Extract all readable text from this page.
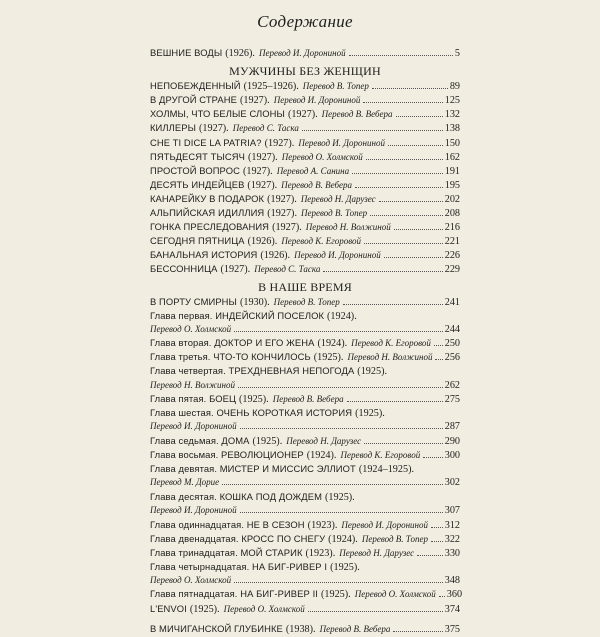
Содержание
ВЕШНИЕ ВОДЫ (1926). Перевод И. Дорониной	5
МУЖЧИНЫ БЕЗ ЖЕНЩИН
НЕПОБЕЖДЕННЫЙ (1925–1926). Перевод В. Топер	89
В ДРУГОЙ СТРАНЕ (1927). Перевод И. Дорониной	125
ХОЛМЫ, ЧТО БЕЛЫЕ СЛОНЫ (1927). Перевод В. Вебера	132
КИЛЛЕРЫ (1927). Перевод С. Таска	138
CHE TI DICE LA PATRIA? (1927). Перевод И. Дорониной	150
ПЯТЬДЕСЯТ ТЫСЯЧ (1927). Перевод О. Холмской	162
ПРОСТОЙ ВОПРОС (1927). Перевод А. Санина	191
ДЕСЯТЬ ИНДЕЙЦЕВ (1927). Перевод В. Вебера	195
КАНАРЕЙКУ В ПОДАРОК (1927). Перевод Н. Дарузес	202
АЛЬПИЙСКАЯ ИДИЛЛИЯ (1927). Перевод В. Топер	208
ГОНКА ПРЕСЛЕДОВАНИЯ (1927). Перевод Н. Волжиной	216
СЕГОДНЯ ПЯТНИЦА (1926). Перевод К. Егоровой	221
БАНАЛЬНАЯ ИСТОРИЯ (1926). Перевод И. Дорониной	226
БЕССОННИЦА (1927). Перевод С. Таска	229
В НАШЕ ВРЕМЯ
В ПОРТУ СМИРНЫ (1930). Перевод В. Топер	241
Глава первая. ИНДЕЙСКИЙ ПОСЕЛОК (1924).
Перевод О. Холмской	244
Глава вторая. ДОКТОР И ЕГО ЖЕНА (1924). Перевод К. Егоровой 250
Глава третья. ЧТО-ТО КОНЧИЛОСЬ (1925). Перевод Н. Волжиной 256
Глава четвертая. ТРЕХДНЕВНАЯ НЕПОГОДА (1925).
Перевод Н. Волжиной	262
Глава пятая. БОЕЦ (1925). Перевод В. Вебера	275
Глава шестая. ОЧЕНЬ КОРОТКАЯ ИСТОРИЯ (1925).
Перевод И. Дорониной	287
Глава седьмая. ДОМА (1925). Перевод Н. Дарузес	290
Глава восьмая. РЕВОЛЮЦИОНЕР (1924). Перевод К. Егоровой 300
Глава девятая. МИСТЕР И МИССИС ЭЛЛИОТ (1924–1925).
Перевод М. Дорие	302
Глава десятая. КОШКА ПОД ДОЖДЕМ (1925).
Перевод И. Дорониной	307
Глава одиннадцатая. НЕ В СЕЗОН (1923). Перевод И. Дорониной 312
Глава двенадцатая. КРОСС ПО СНЕГУ (1924). Перевод В. Топер 322
Глава тринадцатая. МОЙ СТАРИК (1923). Перевод Н. Дарузес	330
Глава четырнадцатая. НА БИГ-РИВЕР I (1925).
Перевод О. Холмской	348
Глава пятнадцатая. НА БИГ-РИВЕР II (1925). Перевод О. Холмской 360
L'ENVOI (1925). Перевод О. Холмской	374
В МИЧИГАНСКОЙ ГЛУБИНКЕ (1938). Перевод В. Вебера	375
